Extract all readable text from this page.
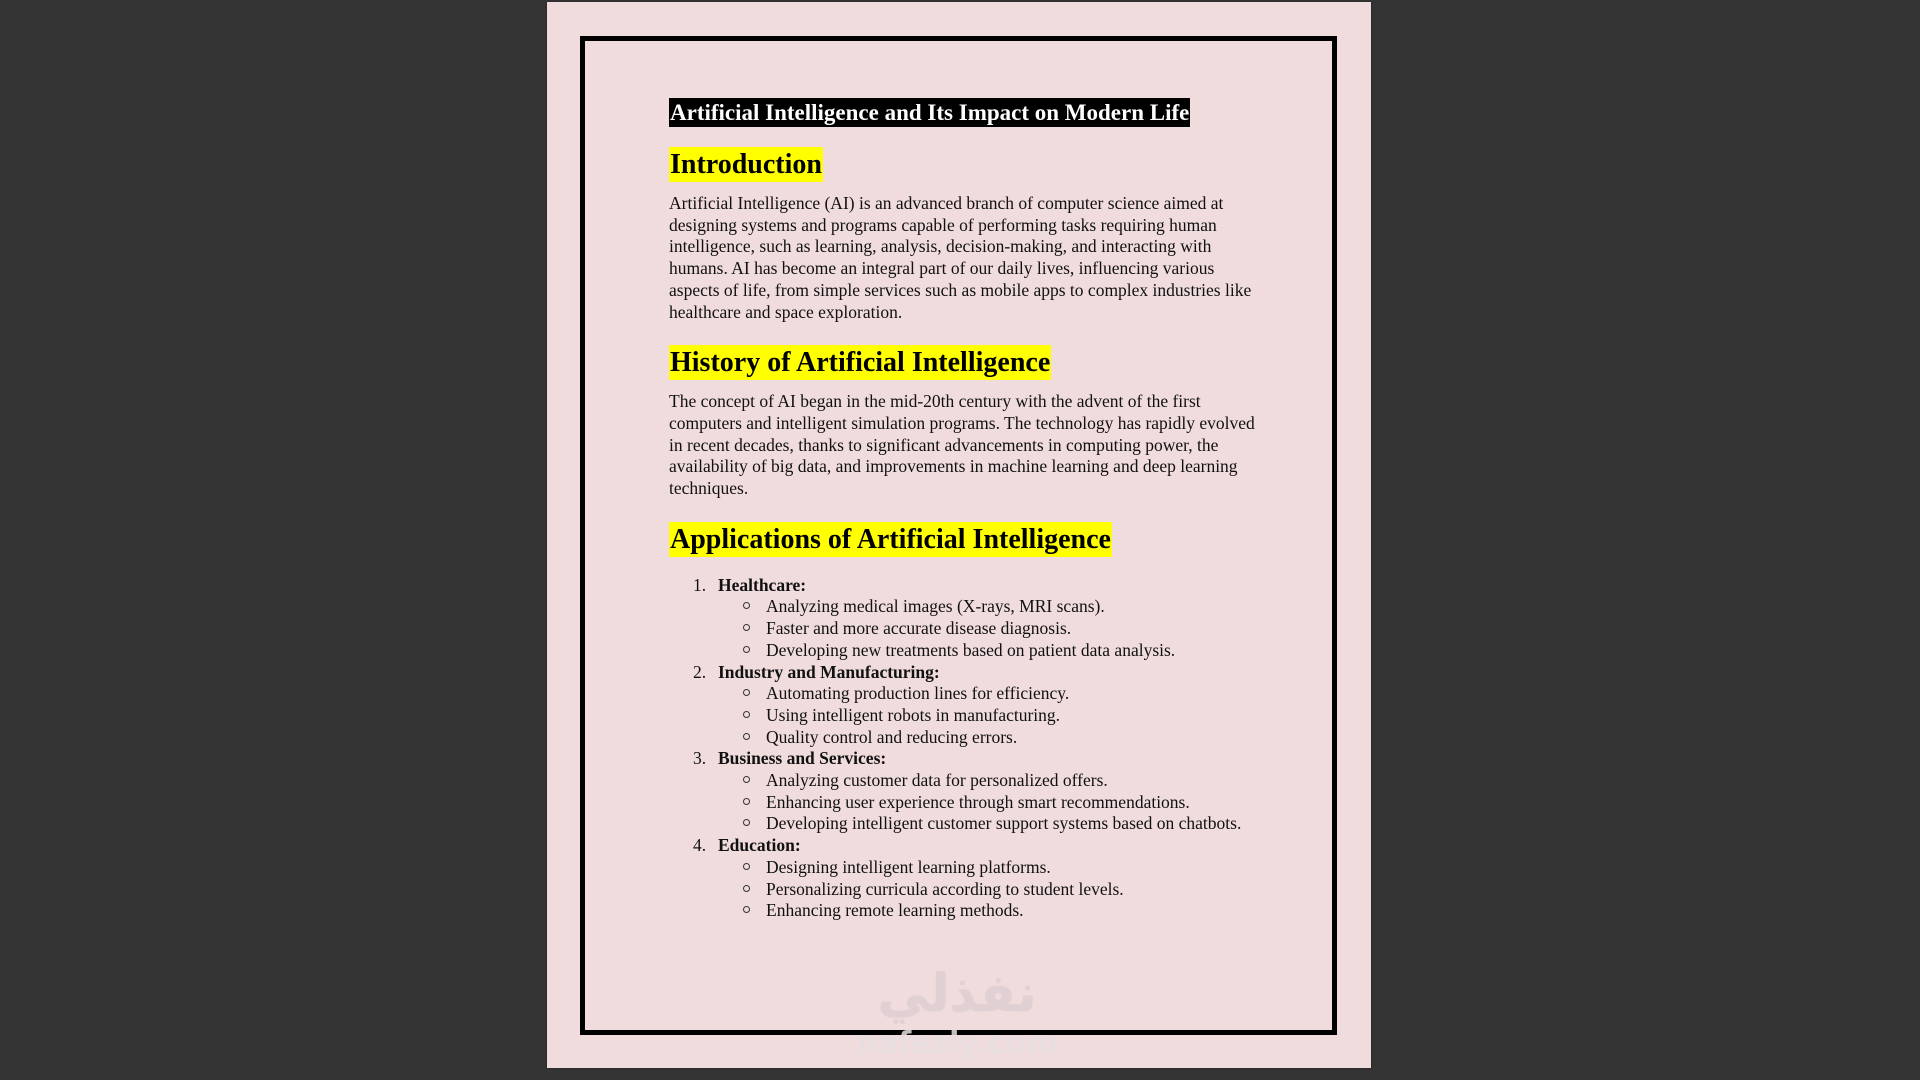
Artificial Intelligence and Its Impact on Modern Life
Introduction

Artificial Intelligence (AI) is an advanced branch of computer science aimed at designing systems and programs capable of performing tasks requiring human intelligence, such as learning, analysis, decision-making, and interacting with humans. AI has become an integral part of our daily lives, influencing various aspects of life, from simple services such as mobile apps to complex industries like healthcare and space exploration.

History of Artificial Intelligence

The concept of AI began in the mid-20th century with the advent of the first computers and intelligent simulation programs. The technology has rapidly evolved in recent decades, thanks to significant advancements in computing power, the availability of big data, and improvements in machine learning and deep learning techniques.

Applications of Artificial Intelligence
1. Healthcare:
Analyzing medical images (X-rays, MRI scans).
Faster and more accurate disease diagnosis.
Developing new treatments based on patient data analysis.
2. Industry and Manufacturing:
Automating production lines for efficiency.
Using intelligent robots in manufacturing.
Quality control and reducing errors.
3. Business and Services:
Analyzing customer data for personalized offers.
Enhancing user experience through smart recommendations.
Developing intelligent customer support systems based on chatbots.
4. Education:
Designing intelligent learning platforms.
Personalizing curricula according to student levels.
Enhancing remote learning methods.
نفذلي
nafezly.com
